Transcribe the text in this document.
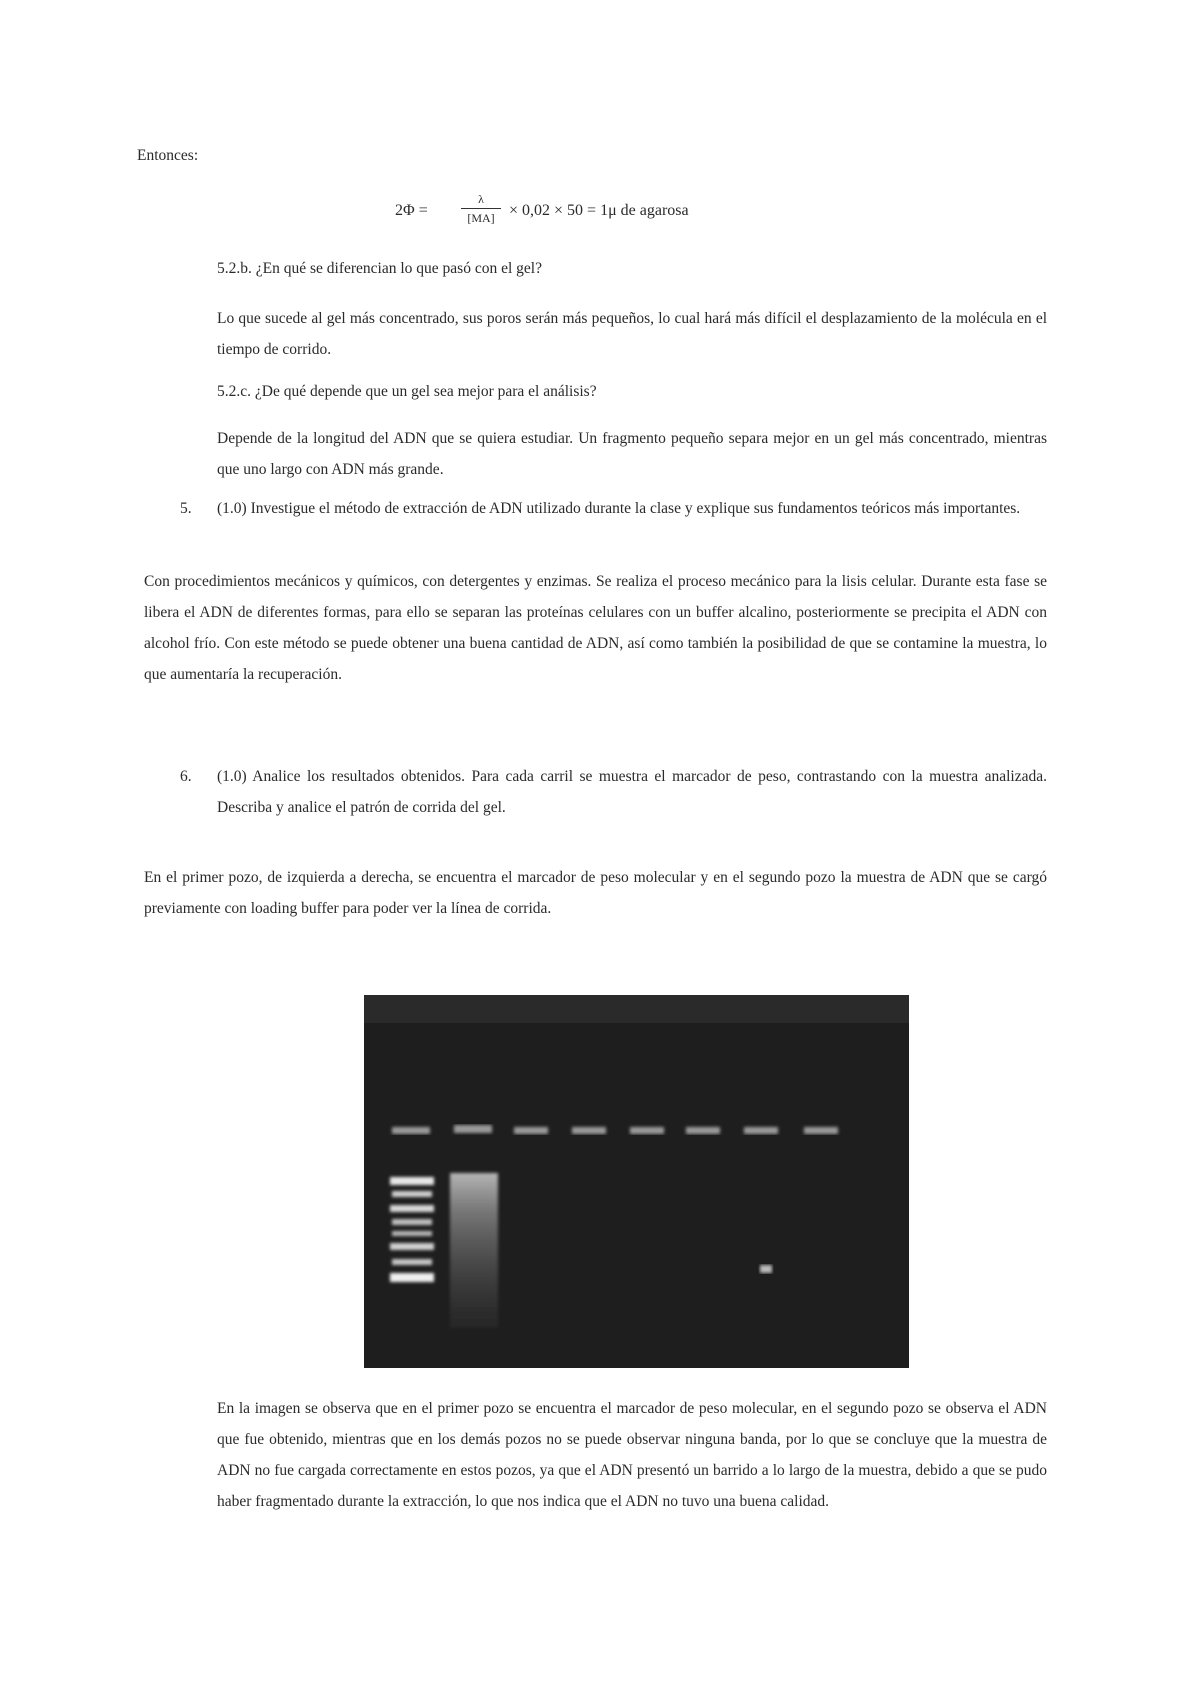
Entonces:
2Φ =	$\frac{\lambda}{[MA]} \times 0,02 \times 50 = 1\mu$ de agarosa
5.2.b. ¿En qué se diferencian lo que pasó con el gel?
Lo que sucede al gel más concentrado, sus poros serán más pequeños, lo cual hará más difícil el desplazamiento de la molécula en el tiempo de corrido.
5.2.c. ¿De qué depende que un gel sea mejor para el análisis?
Depende de la longitud del ADN que se quiera estudiar. Un fragmento pequeño separa mejor en un gel más concentrado, mientras que uno largo con ADN más grande.
5. (1.0) Investigue el método de extracción de ADN utilizado durante la clase y explique sus fundamentos teóricos más importantes.
Con procedimientos mecánicos y químicos, con detergentes y enzimas. Se realiza el proceso mecánico para la lisis celular. Durante esta fase se libera el ADN de diferentes formas, para ello se separan las proteínas celulares con un buffer alcalino, posteriormente se precipita el ADN con alcohol frío. Con este método se puede obtener una buena cantidad de ADN, así como también la posibilidad de que se contamine la muestra, lo que aumentaría la recuperación.
6. (1.0) Analice los resultados obtenidos. Para cada carril se muestra el marcador de peso, contrastando con la muestra analizada. Describa y analice el patrón de corrida del gel.
En el primer pozo, de izquierda a derecha, se encuentra el marcador de peso molecular y en el segundo pozo la muestra de ADN que se cargó previamente con loading buffer para poder ver la línea de corrida.
En la imagen se observa que en el primer pozo se encuentra el marcador de peso molecular, en el segundo pozo se observa el ADN que fue obtenido, mientras que en los demás pozos no se puede observar ninguna banda, por lo que se concluye que la muestra de ADN no fue cargada correctamente en estos pozos, ya que el ADN presentó un barrido a lo largo de la muestra, debido a que se pudo haber fragmentado durante la extracción, lo que nos indica que el ADN no tuvo una buena calidad.
